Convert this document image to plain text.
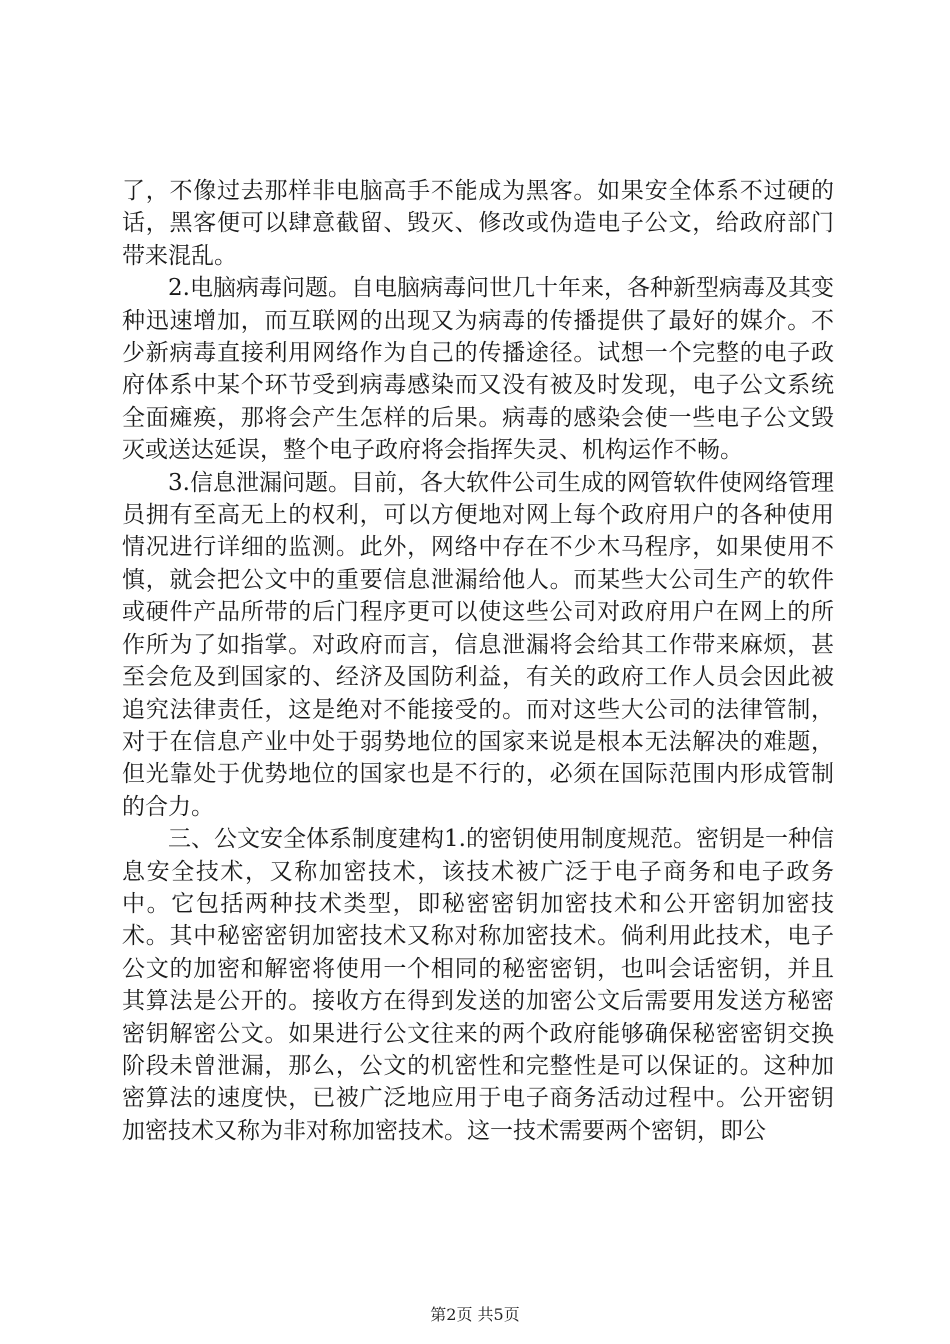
了，不像过去那样非电脑高手不能成为黑客。如果安全体系不过硬的话，黑客便可以肆意截留、毁灭、修改或伪造电子公文，给政府部门带来混乱。

2.电脑病毒问题。自电脑病毒问世几十年来，各种新型病毒及其变种迅速增加，而互联网的出现又为病毒的传播提供了最好的媒介。不少新病毒直接利用网络作为自己的传播途径。试想一个完整的电子政府体系中某个环节受到病毒感染而又没有被及时发现，电子公文系统全面瘫痪，那将会产生怎样的后果。病毒的感染会使一些电子公文毁灭或送达延误，整个电子政府将会指挥失灵、机构运作不畅。

3.信息泄漏问题。目前，各大软件公司生成的网管软件使网络管理员拥有至高无上的权利，可以方便地对网上每个政府用户的各种使用情况进行详细的监测。此外，网络中存在不少木马程序，如果使用不慎，就会把公文中的重要信息泄漏给他人。而某些大公司生产的软件或硬件产品所带的后门程序更可以使这些公司对政府用户在网上的所作所为了如指掌。对政府而言，信息泄漏将会给其工作带来麻烦，甚至会危及到国家的、经济及国防利益，有关的政府工作人员会因此被追究法律责任，这是绝对不能接受的。而对这些大公司的法律管制，对于在信息产业中处于弱势地位的国家来说是根本无法解决的难题，但光靠处于优势地位的国家也是不行的，必须在国际范围内形成管制的合力。

三、公文安全体系制度建构1.的密钥使用制度规范。密钥是一种信息安全技术，又称加密技术，该技术被广泛于电子商务和电子政务中。它包括两种技术类型，即秘密密钥加密技术和公开密钥加密技术。其中秘密密钥加密技术又称对称加密技术。倘利用此技术，电子公文的加密和解密将使用一个相同的秘密密钥，也叫会话密钥，并且其算法是公开的。接收方在得到发送的加密公文后需要用发送方秘密密钥解密公文。如果进行公文往来的两个政府能够确保秘密密钥交换阶段未曾泄漏，那么，公文的机密性和完整性是可以保证的。这种加密算法的速度快，已被广泛地应用于电子商务活动过程中。公开密钥加密技术又称为非对称加密技术。这一技术需要两个密钥，即公

第2页 共5页
